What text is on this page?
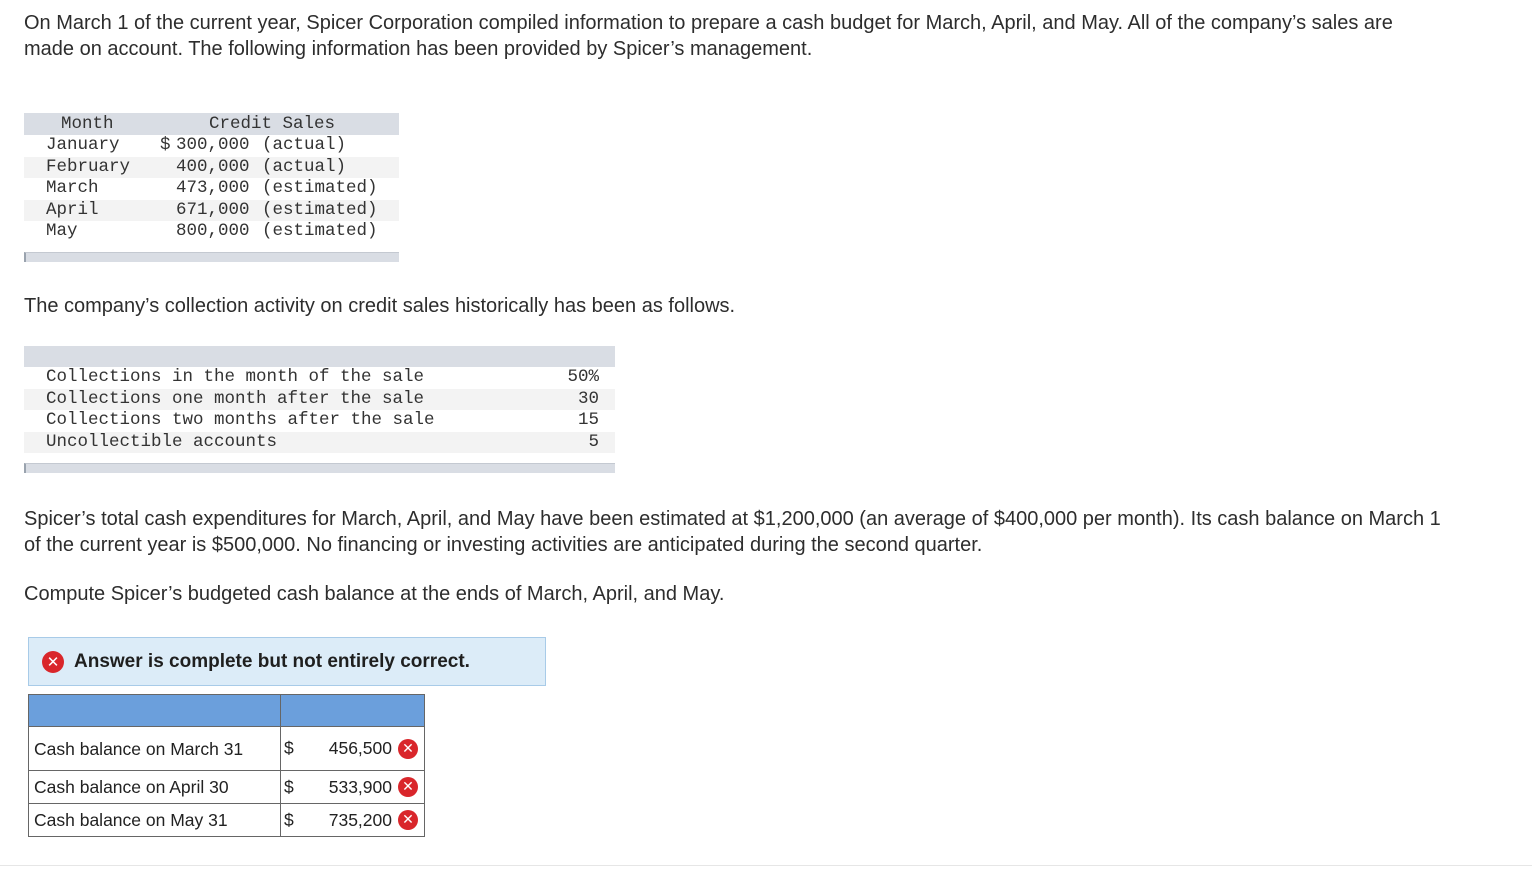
On March 1 of the current year, Spicer Corporation compiled information to prepare a cash budget for March, April, and May. All of the company’s sales are made on account. The following information has been provided by Spicer’s management.

Month	Credit Sales
January $ 300,000 (actual)
February	400,000 (actual)
March	473,000 (estimated)
April	671,000 (estimated)
May	800,000 (estimated)

The company’s collection activity on credit sales historically has been as follows.

Collections in the month of the sale	50%
Collections one month after the sale	30
Collections two months after the sale	15
Uncollectible accounts	5

Spicer’s total cash expenditures for March, April, and May have been estimated at $1,200,000 (an average of $400,000 per month). Its cash balance on March 1 of the current year is $500,000. No financing or investing activities are anticipated during the second quarter.

Compute Spicer’s budgeted cash balance at the ends of March, April, and May.

✕ Answer is complete but not entirely correct.

Cash balance on March 31	$ 456,500 ✕

Cash balance on April 30	$ 533,900 ✕

Cash balance on May 31	$ 735,200 ✕
